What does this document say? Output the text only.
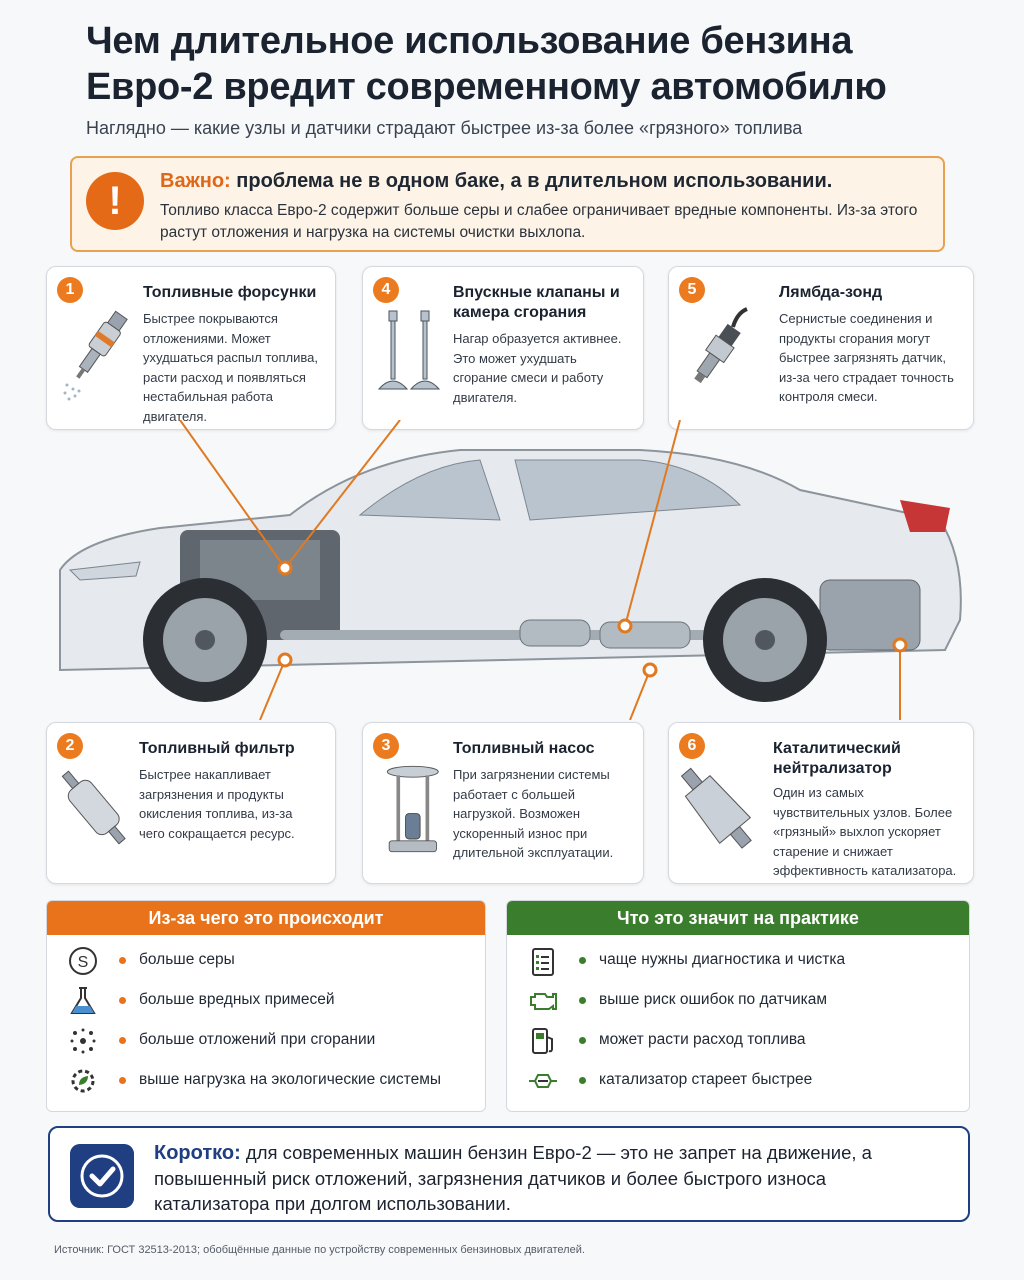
Чем длительное использование бензина Евро-2 вредит современному автомобилю
Наглядно — какие узлы и датчики страдают быстрее из-за более «грязного» топлива
!	Важно: проблема не в одном баке, а в длительном использовании.
Топливо класса Евро-2 содержит больше серы и слабее ограничивает вредные компоненты. Из-за этого растут отложения и нагрузка на системы очистки выхлопа.
1	Топливные форсунки
Быстрее покрываются отложениями. Может ухудшаться распыл топлива, расти расход и появляться нестабильная работа двигателя.
4	Впускные клапаны и камера сгорания
Нагар образуется активнее. Это может ухудшать сгорание смеси и работу двигателя.
5	Лямбда-зонд
Сернистые соединения и продукты сгорания могут быстрее загрязнять датчик, из-за чего страдает точность контроля смеси.
2	Топливный фильтр
Быстрее накапливает загрязнения и продукты окисления топлива, из-за чего сокращается ресурс.
3	Топливный насос
При загрязнении системы работает с большей нагрузкой. Возможен ускоренный износ при длительной эксплуатации.
6	Каталитический нейтрализатор
Один из самых чувствительных узлов. Более «грязный» выхлоп ускоряет старение и снижает эффективность катализатора.
Из-за чего это происходит
S	больше серы
больше вредных примесей
больше отложений при сгорании
выше нагрузка на экологические системы
Что это значит на практике
чаще нужны диагностика и чистка
выше риск ошибок по датчикам
может расти расход топлива
катализатор стареет быстрее
Коротко: для современных машин бензин Евро-2 — это не запрет на движение, а повышенный риск отложений, загрязнения датчиков и более быстрого износа катализатора при долгом использовании.
Источник: ГОСТ 32513-2013; обобщённые данные по устройству современных бензиновых двигателей.
